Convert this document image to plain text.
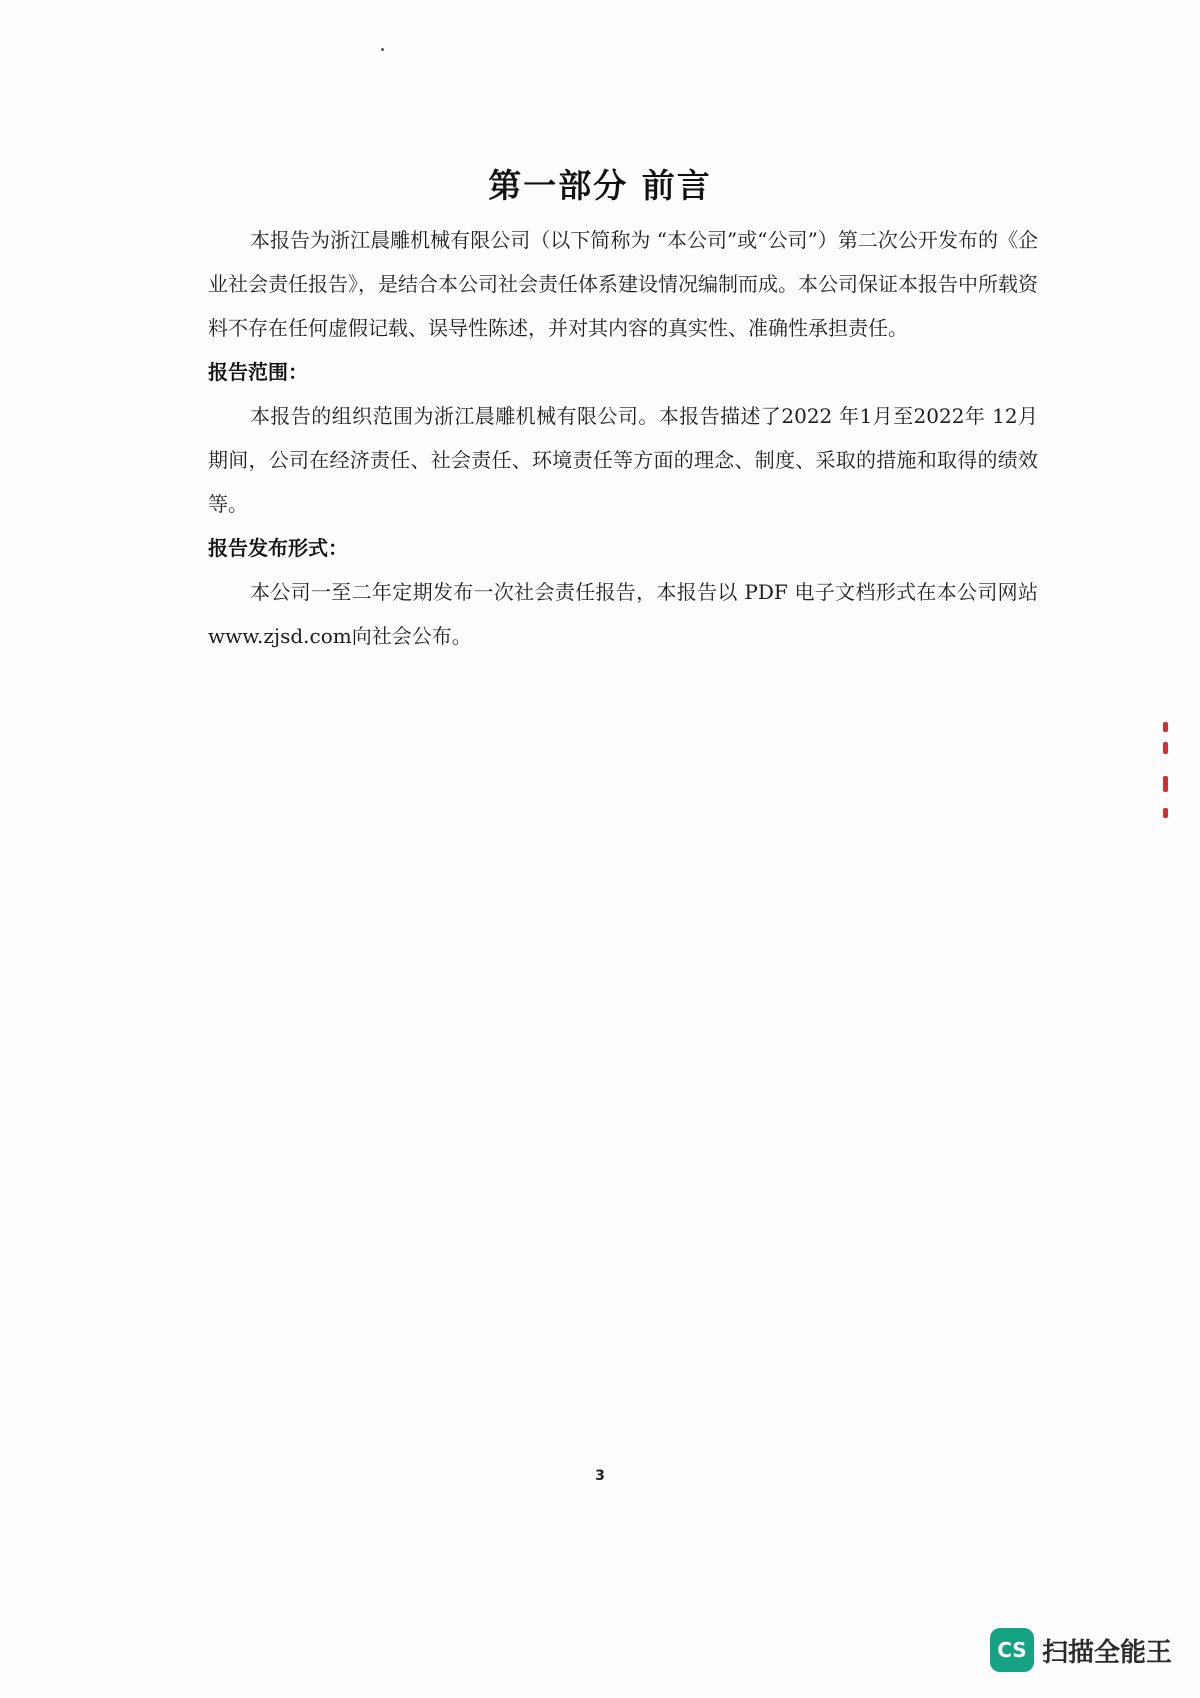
第一部分 前言

本报告为浙江晨雕机械有限公司（以下简称为 “本公司”或“公司”）第二次公开发布的《企业社会责任报告》，是结合本公司社会责任体系建设情况编制而成。本公司保证本报告中所载资料不存在任何虚假记载、误导性陈述，并对其内容的真实性、准确性承担责任。

报告范围：

本报告的组织范围为浙江晨雕机械有限公司。本报告描述了2022 年1月至2022年 12月期间，公司在经济责任、社会责任、环境责任等方面的理念、制度、采取的措施和取得的绩效等。

报告发布形式：

本公司一至二年定期发布一次社会责任报告，本报告以 PDF 电子文档形式在本公司网站www.zjsd.com向社会公布。

3
CS 扫描全能王
